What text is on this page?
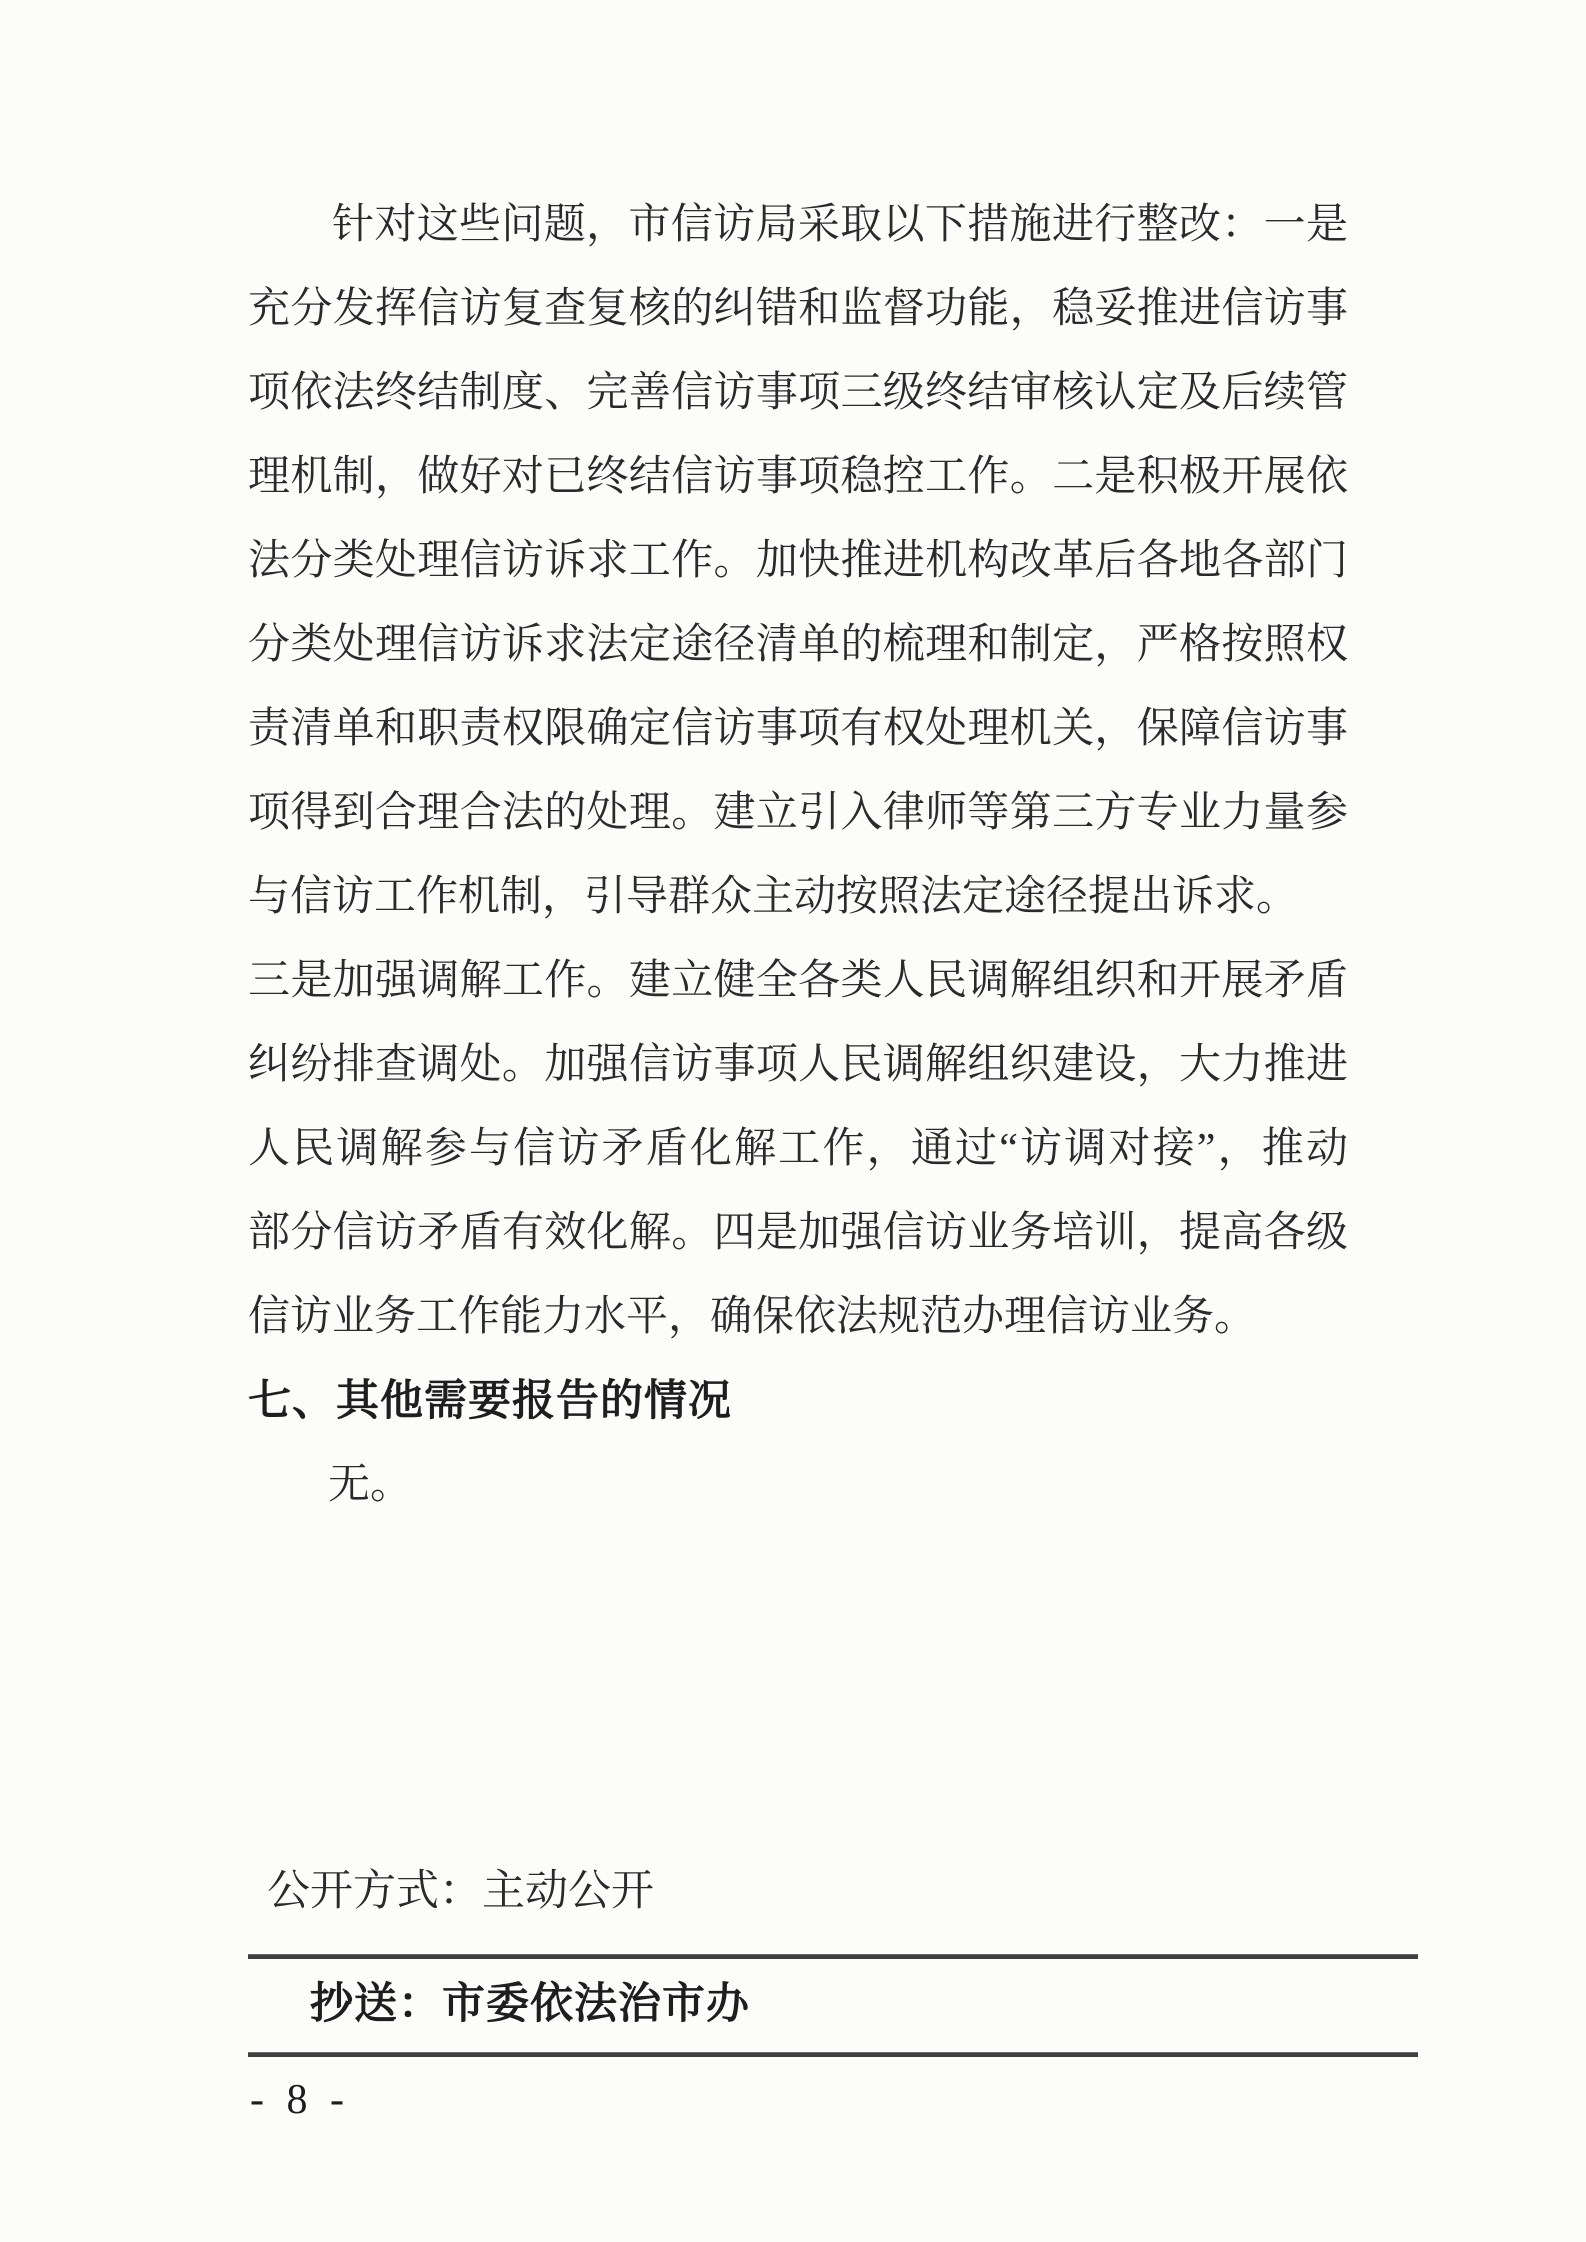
针对这些问题，市信访局采取以下措施进行整改：一是

充分发挥信访复查复核的纠错和监督功能，稳妥推进信访事

项依法终结制度、完善信访事项三级终结审核认定及后续管

理机制，做好对已终结信访事项稳控工作。二是积极开展依

法分类处理信访诉求工作。加快推进机构改革后各地各部门

分类处理信访诉求法定途径清单的梳理和制定，严格按照权

责清单和职责权限确定信访事项有权处理机关，保障信访事

项得到合理合法的处理。建立引入律师等第三方专业力量参

与信访工作机制，引导群众主动按照法定途径提出诉求。

三是加强调解工作。建立健全各类人民调解组织和开展矛盾

纠纷排查调处。加强信访事项人民调解组织建设，大力推进

人民调解参与信访矛盾化解工作，通过“访调对接”，推动

部分信访矛盾有效化解。四是加强信访业务培训，提高各级

信访业务工作能力水平，确保依法规范办理信访业务。

七、其他需要报告的情况

无。

公开方式：主动公开
抄送：市委依法治市办
- 8 -
